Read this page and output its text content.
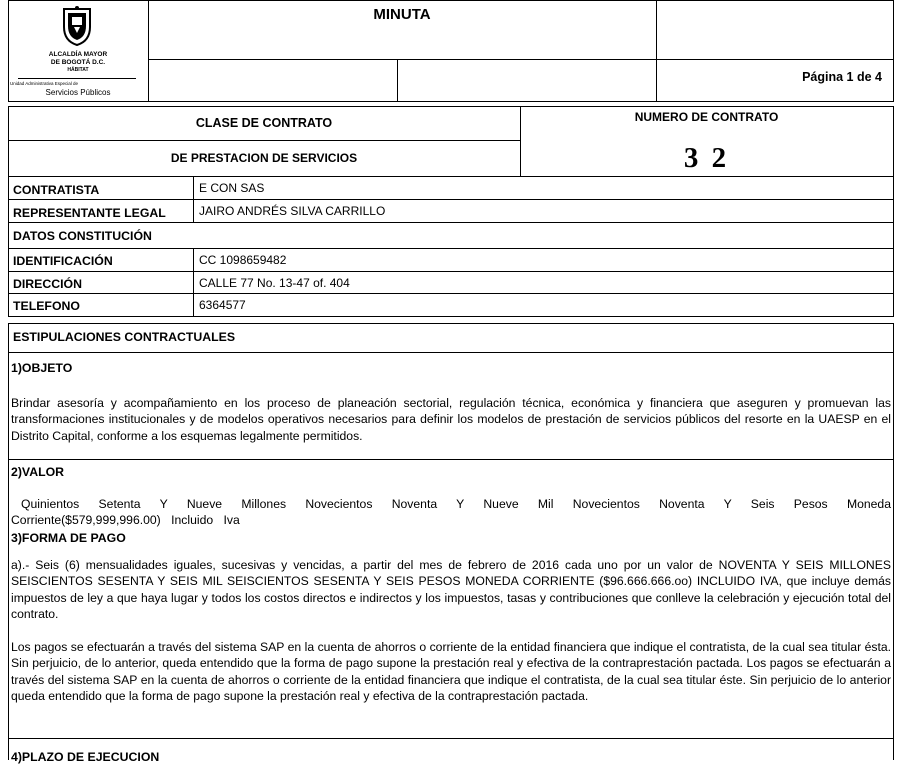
ALCALDÍA MAYOR
DE BOGOTÁ D.C.
HÁBITAT
Unidad Administrativa Especial de
Servicios Públicos
MINUTA
Página 1 de 4
CLASE DE CONTRATO	NUMERO DE CONTRATO
DE PRESTACION DE SERVICIOS	3 2
CONTRATISTA	E CON SAS
REPRESENTANTE LEGAL	JAIRO ANDRÉS SILVA CARRILLO
DATOS CONSTITUCIÓN
IDENTIFICACIÓN	CC 1098659482
DIRECCIÓN	CALLE 77 No. 13-47 of. 404
TELEFONO	6364577
ESTIPULACIONES CONTRACTUALES
1)OBJETO
Brindar asesoría y acompañamiento en los proceso de planeación sectorial, regulación técnica, económica y financiera que aseguren y promuevan las transformaciones institucionales y de modelos operativos necesarios para definir los modelos de prestación de servicios públicos del resorte en la UAESP en el Distrito Capital, conforme a los esquemas legalmente permitidos.
2)VALOR
Quinientos Setenta Y Nueve Millones Novecientos Noventa Y Nueve Mil Novecientos Noventa Y Seis Pesos Moneda Corriente($579,999,996.00) Incluido Iva
3)FORMA DE PAGO
a).- Seis (6) mensualidades iguales, sucesivas y vencidas, a partir del mes de febrero de 2016 cada uno por un valor de NOVENTA Y SEIS MILLONES SEISCIENTOS SESENTA Y SEIS MIL SEISCIENTOS SESENTA Y SEIS PESOS MONEDA CORRIENTE ($96.666.666.oo) INCLUIDO IVA, que incluye demás impuestos de ley a que haya lugar y todos los costos directos e indirectos y los impuestos, tasas y contribuciones que conlleve la celebración y ejecución total del contrato.
Los pagos se efectuarán a través del sistema SAP en la cuenta de ahorros o corriente de la entidad financiera que indique el contratista, de la cual sea titular ésta. Sin perjuicio, de lo anterior, queda entendido que la forma de pago supone la prestación real y efectiva de la contraprestación pactada. Los pagos se efectuarán a través del sistema SAP en la cuenta de ahorros o corriente de la entidad financiera que indique el contratista, de la cual sea titular éste. Sin perjuicio de lo anterior queda entendido que la forma de pago supone la prestación real y efectiva de la contraprestación pactada.
4)PLAZO DE EJECUCION
